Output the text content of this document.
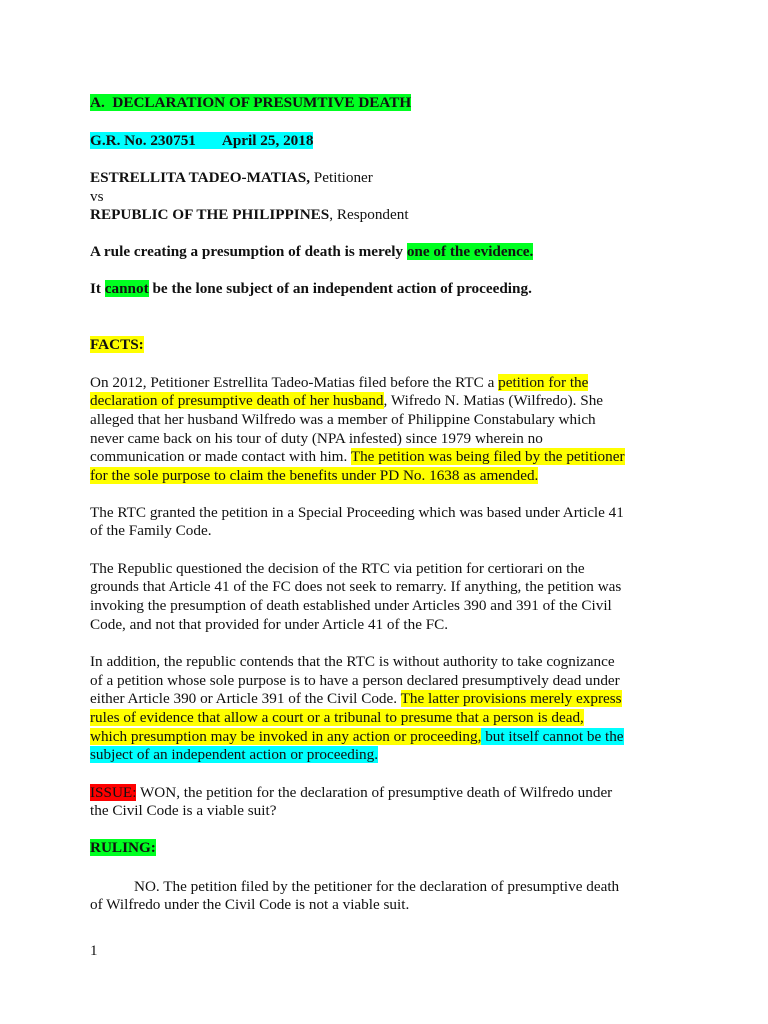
A. DECLARATION OF PRESUMTIVE DEATH
G.R. No. 230751 April 25, 2018
ESTRELLITA TADEO-MATIAS, Petitioner
vs
REPUBLIC OF THE PHILIPPINES, Respondent
A rule creating a presumption of death is merely one of the evidence.
It cannot be the lone subject of an independent action of proceeding.
FACTS:
On 2012, Petitioner Estrellita Tadeo-Matias filed before the RTC a petition for the
declaration of presumptive death of her husband, Wifredo N. Matias (Wilfredo). She
alleged that her husband Wilfredo was a member of Philippine Constabulary which
never came back on his tour of duty (NPA infested) since 1979 wherein no
communication or made contact with him. The petition was being filed by the petitioner
for the sole purpose to claim the benefits under PD No. 1638 as amended.
The RTC granted the petition in a Special Proceeding which was based under Article 41
of the Family Code.
The Republic questioned the decision of the RTC via petition for certiorari on the
grounds that Article 41 of the FC does not seek to remarry. If anything, the petition was
invoking the presumption of death established under Articles 390 and 391 of the Civil
Code, and not that provided for under Article 41 of the FC.
In addition, the republic contends that the RTC is without authority to take cognizance
of a petition whose sole purpose is to have a person declared presumptively dead under
either Article 390 or Article 391 of the Civil Code. The latter provisions merely express
rules of evidence that allow a court or a tribunal to presume that a person is dead,
which presumption may be invoked in any action or proceeding, but itself cannot be the
subject of an independent action or proceeding.
ISSUE: WON, the petition for the declaration of presumptive death of Wilfredo under
the Civil Code is a viable suit?
RULING:
NO. The petition filed by the petitioner for the declaration of presumptive death
of Wilfredo under the Civil Code is not a viable suit.
1
